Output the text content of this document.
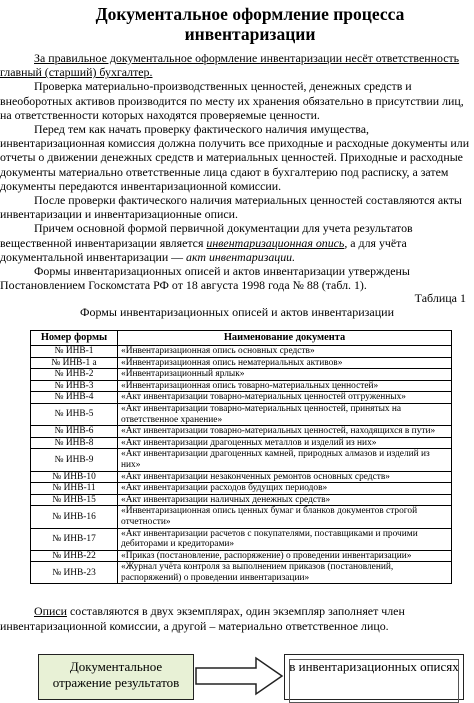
Документальное оформление процесса инвентаризации

За правильное документальное оформление инвентаризации несёт ответственность главный (старший) бухгалтер.

Проверка материально-производственных ценностей, денежных средств и внеоборотных активов производится по месту их хранения обязательно в присутствии лиц, на ответственности которых находятся проверяемые ценности.

Перед тем как начать проверку фактического наличия имущества, инвентаризационная комиссия должна получить все приходные и расходные документы или отчеты о движении денежных средств и материальных ценностей. Приходные и расходные документы материально ответственные лица сдают в бухгалтерию под расписку, а затем документы передаются инвентаризационной комиссии.

После проверки фактического наличия материальных ценностей составляются акты инвентаризации и инвентаризационные описи.

Причем основной формой первичной документации для учета результатов вещественной инвентаризации является инвентаризационная опись, а для учёта документальной инвентаризации — акт инвентаризации.

Формы инвентаризационных описей и актов инвентаризации утверждены Постановлением Госкомстата РФ от 18 августа 1998 года № 88 (табл. 1).

Таблица 1
Формы инвентаризационных описей и актов инвентаризации
Номер формы	Наименование документа
№ ИНВ-1	«Инвентаризационная опись основных средств»
№ ИНВ-1 а	«Инвентаризационная опись нематериальных активов»
№ ИНВ-2	«Инвентаризационный ярлык»
№ ИНВ-3	«Инвентаризационная опись товарно-материальных ценностей»
№ ИНВ-4	«Акт инвентаризации товарно-материальных ценностей отгруженных»
№ ИНВ-5	«Акт инвентаризации товарно-материальных ценностей, принятых на ответственное хранение»
№ ИНВ-6	«Акт инвентаризации товарно-материальных ценностей, находящихся в пути»
№ ИНВ-8	«Акт инвентаризации драгоценных металлов и изделий из них»
№ ИНВ-9	«Акт инвентаризации драгоценных камней, природных алмазов и изделий из них»
№ ИНВ-10	«Акт инвентаризации незаконченных ремонтов основных средств»
№ ИНВ-11	«Акт инвентаризации расходов будущих периодов»
№ ИНВ-15	«Акт инвентаризации наличных денежных средств»
№ ИНВ-16	«Инвентаризационная опись ценных бумаг и бланков документов строгой отчетности»
№ ИНВ-17	«Акт инвентаризации расчетов с покупателями, поставщиками и прочими дебиторами и кредиторами»
№ ИНВ-22	«Приказ (постановление, распоряжение) о проведении инвентаризации»
№ ИНВ-23	«Журнал учёта контроля за выполнением приказов (постановлений, распоряжений) о проведении инвентаризации»

Описи составляются в двух экземплярах, один экземпляр заполняет член инвентаризационной комиссии, а другой – материально ответственное лицо.

Документальное отражение результатов
в инвентаризационных описях
